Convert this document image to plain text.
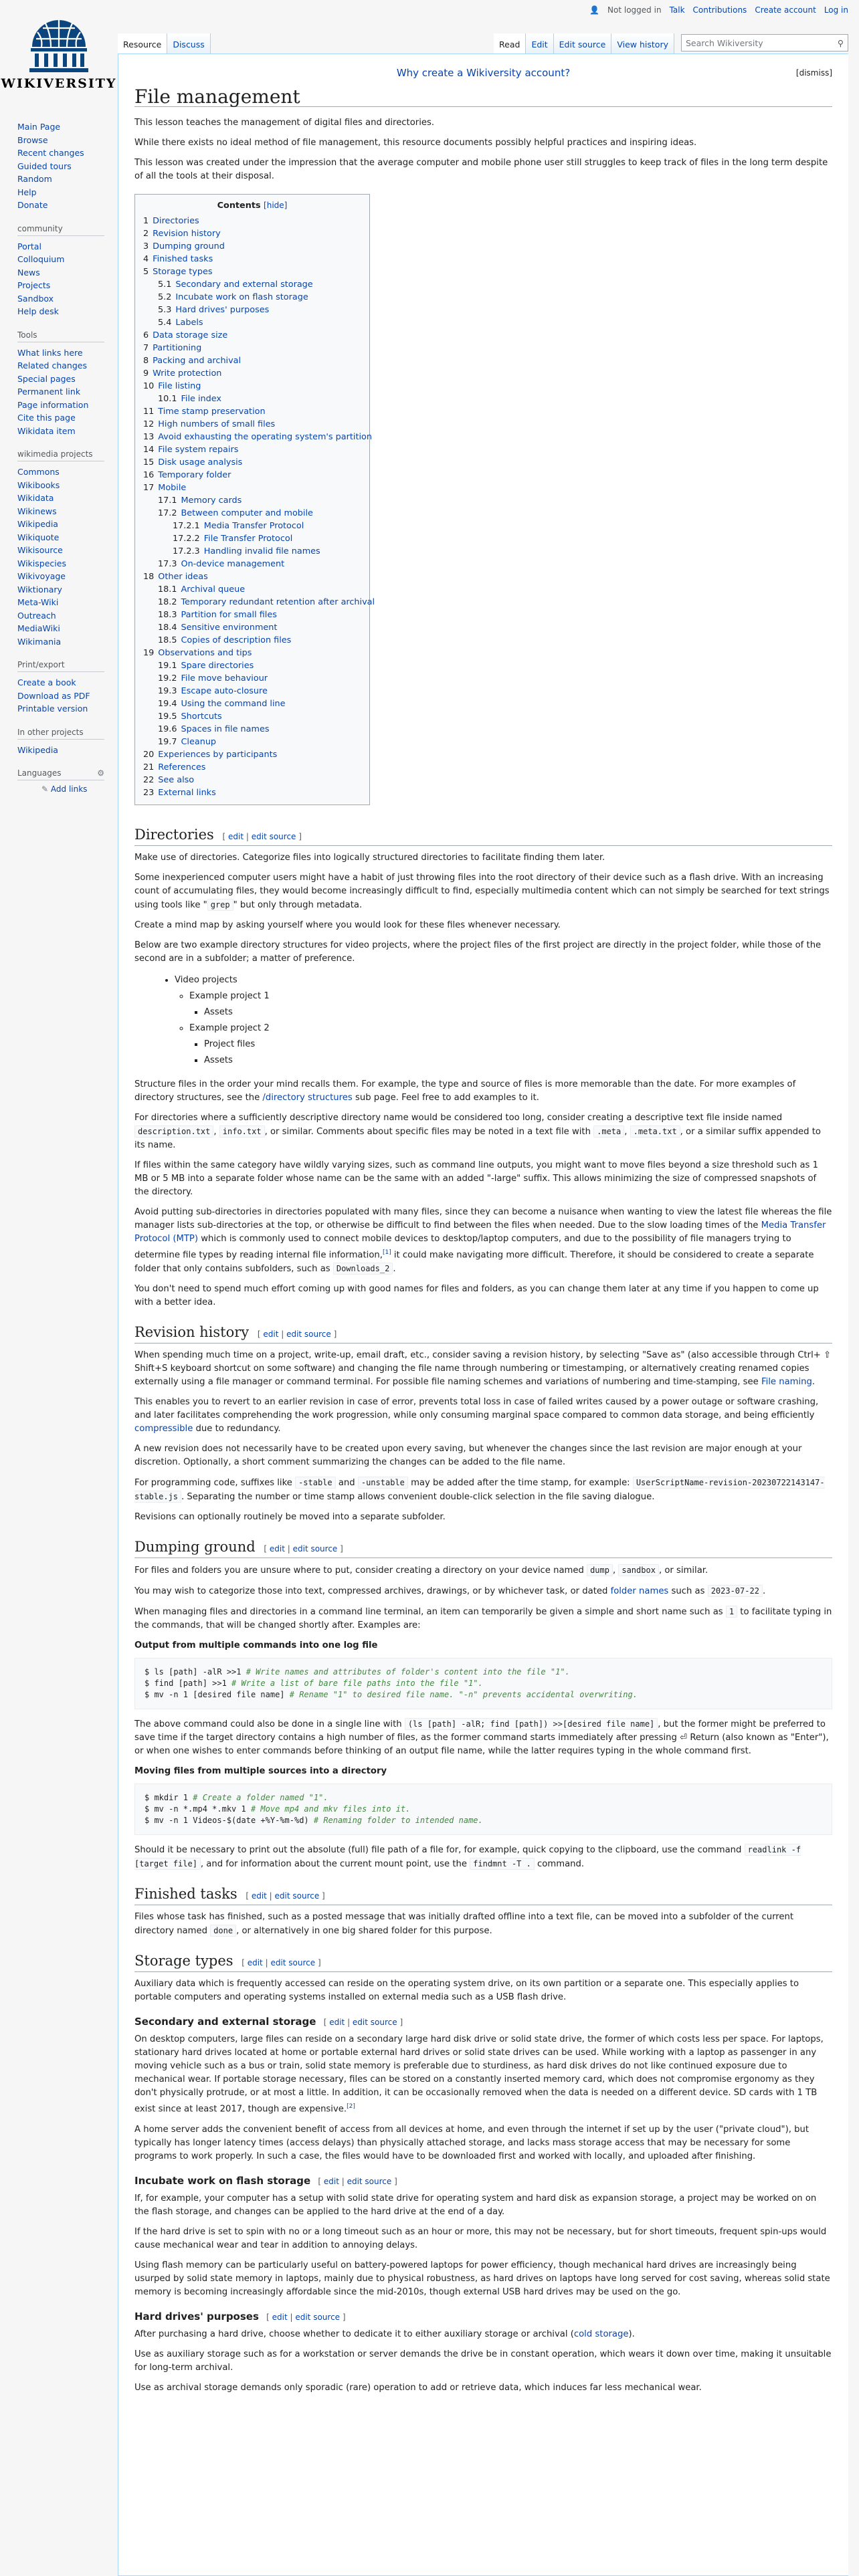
👤 Not logged in Talk Contributions Create account Log in
WIKIVERSITY
Main Page
Browse
Recent changes
Guided tours
Random
Help
Donate
community
Portal
Colloquium
News
Projects
Sandbox
Help desk
Tools
What links here
Related changes
Special pages
Permanent link
Page information
Cite this page
Wikidata item
wikimedia projects
Commons
Wikibooks
Wikidata
Wikinews
Wikipedia
Wikiquote
Wikisource
Wikispecies
Wikivoyage
Wiktionary
Meta-Wiki
Outreach
MediaWiki
Wikimania
Print/export
Create a book
Download as PDF
Printable version
In other projects
Wikipedia
Languages	⚙
✎ Add links
Resource Discuss	Read Edit Edit source View history Search Wikiversity	⚲
Why create a Wikiversity account?	[dismiss]
File management

This lesson teaches the management of digital files and directories.

While there exists no ideal method of file management, this resource documents possibly helpful practices and inspiring ideas.

This lesson was created under the impression that the average computer and mobile phone user still struggles to keep track of files in the long term despite of all the tools at their disposal.

Contents [hide]
1 Directories
2 Revision history
3 Dumping ground
4 Finished tasks
5 Storage types
5.1 Secondary and external storage
5.2 Incubate work on flash storage
5.3 Hard drives' purposes
5.4 Labels
6 Data storage size
7 Partitioning
8 Packing and archival
9 Write protection
10 File listing
10.1 File index
11 Time stamp preservation
12 High numbers of small files
13 Avoid exhausting the operating system's partition
14 File system repairs
15 Disk usage analysis
16 Temporary folder
17 Mobile
17.1 Memory cards
17.2 Between computer and mobile
17.2.1 Media Transfer Protocol
17.2.2 File Transfer Protocol
17.2.3 Handling invalid file names
17.3 On-device management
18 Other ideas
18.1 Archival queue
18.2 Temporary redundant retention after archival
18.3 Partition for small files
18.4 Sensitive environment
18.5 Copies of description files
19 Observations and tips
19.1 Spare directories
19.2 File move behaviour
19.3 Escape auto-closure
19.4 Using the command line
19.5 Shortcuts
19.6 Spaces in file names
19.7 Cleanup
20 Experiences by participants
21 References
22 See also
23 External links
Directories [ edit | edit source ]

Make use of directories. Categorize files into logically structured directories to facilitate finding them later.

Some inexperienced computer users might have a habit of just throwing files into the root directory of their device such as a flash drive. With an increasing count of accumulating files, they would become increasingly difficult to find, especially multimedia content which can not simply be searched for text strings using tools like " grep " but only through metadata.

Create a mind map by asking yourself where you would look for these files whenever necessary.

Below are two example directory structures for video projects, where the project files of the first project are directly in the project folder, while those of the second are in a subfolder; a matter of preference.

• Video projects
◦ Example project 1
▪ Assets
◦ Example project 2
▪ Project files
▪ Assets

Structure files in the order your mind recalls them. For example, the type and source of files is more memorable than the date. For more examples of directory structures, see the /directory structures sub page. Feel free to add examples to it.

For directories where a sufficiently descriptive directory name would be considered too long, consider creating a descriptive text file inside named description.txt , info.txt , or similar. Comments about specific files may be noted in a text file with .meta , .meta.txt , or a similar suffix appended to its name.

If files within the same category have wildly varying sizes, such as command line outputs, you might want to move files beyond a size threshold such as 1 MB or 5 MB into a separate folder whose name can be the same with an added "-large" suffix. This allows minimizing the size of compressed snapshots of the directory.

Avoid putting sub-directories in directories populated with many files, since they can become a nuisance when wanting to view the latest file whereas the file manager lists sub-directories at the top, or otherwise be difficult to find between the files when needed. Due to the slow loading times of the Media Transfer Protocol (MTP) which is commonly used to connect mobile devices to desktop/laptop computers, and due to the possibility of file managers trying to determine file types by reading internal file information,[1] it could make navigating more difficult. Therefore, it should be considered to create a separate folder that only contains subfolders, such as Downloads_2 .

You don't need to spend much effort coming up with good names for files and folders, as you can change them later at any time if you happen to come up with a better idea.

Revision history [ edit | edit source ]

When spending much time on a project, write-up, email draft, etc., consider saving a revision history, by selecting "Save as" (also accessible through Ctrl+ ⇧ Shift+S keyboard shortcut on some software) and changing the file name through numbering or timestamping, or alternatively creating renamed copies externally using a file manager or command terminal. For possible file naming schemes and variations of numbering and time-stamping, see File naming.

This enables you to revert to an earlier revision in case of error, prevents total loss in case of failed writes caused by a power outage or software crashing, and later facilitates comprehending the work progression, while only consuming marginal space compared to common data storage, and being efficiently compressible due to redundancy.

A new revision does not necessarily have to be created upon every saving, but whenever the changes since the last revision are major enough at your discretion. Optionally, a short comment summarizing the changes can be added to the file name.

For programming code, suffixes like -stable and -unstable may be added after the time stamp, for example: UserScriptName-revision-20230722143147-stable.js . Separating the number or time stamp allows convenient double-click selection in the file saving dialogue.

Revisions can optionally routinely be moved into a separate subfolder.

Dumping ground [ edit | edit source ]

For files and folders you are unsure where to put, consider creating a directory on your device named dump , sandbox , or similar.

You may wish to categorize those into text, compressed archives, drawings, or by whichever task, or dated folder names such as 2023-07-22 .

When managing files and directories in a command line terminal, an item can temporarily be given a simple and short name such as 1 to facilitate typing in the commands, that will be changed shortly after. Examples are:

Output from multiple commands into one log file
$ ls [path] -alR >>1 # Write names and attributes of folder's content into the file "1".
$ find [path] >>1 # Write a list of bare file paths into the file "1".
$ mv -n 1 [desired file name] # Rename "1" to desired file name. "-n" prevents accidental overwriting.

The above command could also be done in a single line with (ls [path] -alR; find [path]) >>[desired file name] , but the former might be preferred to save time if the target directory contains a high number of files, as the former command starts immediately after pressing ⏎ Return (also known as "Enter"), or when one wishes to enter commands before thinking of an output file name, while the latter requires typing in the whole command first.

Moving files from multiple sources into a directory
$ mkdir 1 # Create a folder named "1".
$ mv -n *.mp4 *.mkv 1 # Move mp4 and mkv files into it.
$ mv -n 1 Videos-$(date +%Y-%m-%d) # Renaming folder to intended name.

Should it be necessary to print out the absolute (full) file path of a file for, for example, quick copying to the clipboard, use the command readlink -f [target file] , and for information about the current mount point, use the findmnt -T . command.

Finished tasks [ edit | edit source ]

Files whose task has finished, such as a posted message that was initially drafted offline into a text file, can be moved into a subfolder of the current directory named done , or alternatively in one big shared folder for this purpose.

Storage types [ edit | edit source ]

Auxiliary data which is frequently accessed can reside on the operating system drive, on its own partition or a separate one. This especially applies to portable computers and operating systems installed on external media such as a USB flash drive.

Secondary and external storage [ edit | edit source ]

On desktop computers, large files can reside on a secondary large hard disk drive or solid state drive, the former of which costs less per space. For laptops, stationary hard drives located at home or portable external hard drives or solid state drives can be used. While working with a laptop as passenger in any moving vehicle such as a bus or train, solid state memory is preferable due to sturdiness, as hard disk drives do not like continued exposure due to mechanical wear. If portable storage necessary, files can be stored on a constantly inserted memory card, which does not compromise ergonomy as they don't physically protrude, or at most a little. In addition, it can be occasionally removed when the data is needed on a different device. SD cards with 1 TB exist since at least 2017, though are expensive.[2]

A home server adds the convenient benefit of access from all devices at home, and even through the internet if set up by the user ("private cloud"), but typically has longer latency times (access delays) than physically attached storage, and lacks mass storage access that may be necessary for some programs to work properly. In such a case, the files would have to be downloaded first and worked with locally, and uploaded after finishing.

Incubate work on flash storage [ edit | edit source ]

If, for example, your computer has a setup with solid state drive for operating system and hard disk as expansion storage, a project may be worked on on the flash storage, and changes can be applied to the hard drive at the end of a day.

If the hard drive is set to spin with no or a long timeout such as an hour or more, this may not be necessary, but for short timeouts, frequent spin-ups would cause mechanical wear and tear in addition to annoying delays.

Using flash memory can be particularly useful on battery-powered laptops for power efficiency, though mechanical hard drives are increasingly being usurped by solid state memory in laptops, mainly due to physical robustness, as hard drives on laptops have long served for cost saving, whereas solid state memory is becoming increasingly affordable since the mid-2010s, though external USB hard drives may be used on the go.

Hard drives' purposes [ edit | edit source ]

After purchasing a hard drive, choose whether to dedicate it to either auxiliary storage or archival (cold storage).

Use as auxiliary storage such as for a workstation or server demands the drive be in constant operation, which wears it down over time, making it unsuitable for long-term archival.

Use as archival storage demands only sporadic (rare) operation to add or retrieve data, which induces far less mechanical wear.
